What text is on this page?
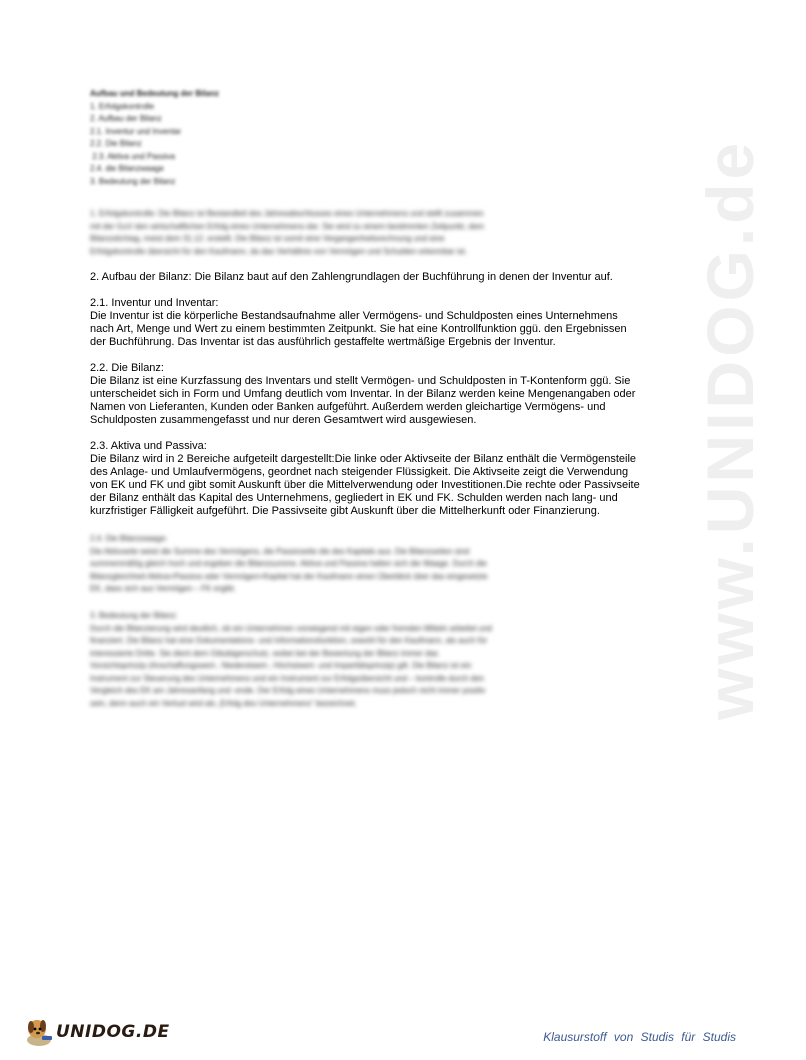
www.UNIDOG.de
Aufbau und Bedeutung der Bilanz
1. Erfolgskontrolle
2. Aufbau der Bilanz
2.1. Inventur und Inventar
2.2. Die Bilanz
2.3. Aktiva und Passiva
2.4. die Bilanzwaage
3. Bedeutung der Bilanz
1. Erfolgskontrolle: Die Bilanz ist Bestandteil des Jahresabschlusses eines Unternehmens und stellt zusammen
mit der GuV den wirtschaftlichen Erfolg eines Unternehmens dar. Sie wird zu einem bestimmten Zeitpunkt, dem
Bilanzstichtag, meist dem 31.12. erstellt. Die Bilanz ist somit eine Vergangenheitsrechnung und eine
Erfolgskontrolle übersicht für den Kaufmann, da das Verhältnis von Vermögen und Schulden erkennbar ist.

2. Aufbau der Bilanz: Die Bilanz baut auf den Zahlengrundlagen der Buchführung in denen der Inventur auf.

2.1. Inventur und Inventar:
Die Inventur ist die körperliche Bestandsaufnahme aller Vermögens- und Schuldposten eines Unternehmens
nach Art, Menge und Wert zu einem bestimmten Zeitpunkt. Sie hat eine Kontrollfunktion ggü. den Ergebnissen
der Buchführung. Das Inventar ist das ausführlich gestaffelte wertmäßige Ergebnis der Inventur.
2.2. Die Bilanz:
Die Bilanz ist eine Kurzfassung des Inventars und stellt Vermögen- und Schuldposten in T-Kontenform ggü. Sie
unterscheidet sich in Form und Umfang deutlich vom Inventar. In der Bilanz werden keine Mengenangaben oder
Namen von Lieferanten, Kunden oder Banken aufgeführt. Außerdem werden gleichartige Vermögens- und
Schuldposten zusammengefasst und nur deren Gesamtwert wird ausgewiesen.
2.3. Aktiva und Passiva:
Die Bilanz wird in 2 Bereiche aufgeteilt dargestellt:Die linke oder Aktivseite der Bilanz enthält die Vermögensteile
des Anlage- und Umlaufvermögens, geordnet nach steigender Flüssigkeit. Die Aktivseite zeigt die Verwendung
von EK und FK und gibt somit Auskunft über die Mittelverwendung oder Investitionen.Die rechte oder Passivseite
der Bilanz enthält das Kapital des Unternehmens, gegliedert in EK und FK. Schulden werden nach lang- und
kurzfristiger Fälligkeit aufgeführt. Die Passivseite gibt Auskunft über die Mittelherkunft oder Finanzierung.
2.4. Die Bilanzwaage:
Die Aktivseite weist die Summe des Vermögens, die Passivseite die des Kapitals aus. Die Bilanzseiten sind
summenmäßig gleich hoch und ergeben die Bilanzsumme. Aktiva und Passiva halten sich die Waage. Durch die
Bilanzgleichheit Aktiva=Passiva oder Vermögen=Kapital hat der Kaufmann einen Überblick über das eingesetzte
EK, dass sich aus Vermögen – FK ergibt.
3. Bedeutung der Bilanz:
Durch die Bilanzierung wird deutlich, ob ein Unternehmen vorwiegend mit eigen oder fremden Mitteln arbeitet und
finanziert. Die Bilanz hat eine Dokumentations- und Informationsfunktion, sowohl für den Kaufmann, als auch für
interessierte Dritte. Sie dient dem Gläubigerschutz, wobei bei der Bewertung der Bilanz immer das
Vorsichtsprinzip (Anschaffungswert-, Niederstwert-, Höchstwert- und Imparitätsprinzip) gilt. Die Bilanz ist ein
Instrument zur Steuerung des Unternehmens und ein Instrument zur Erfolgsübersicht und – kontrolle durch den
Vergleich des EK am Jahresanfang und -ende. Der Erfolg eines Unternehmens muss jedoch nicht immer positiv
sein, denn auch ein Verlust wird als „Erfolg des Unternehmens“ bezeichnet.
UNIDOG.DE	Klausurstoff von Studis für Studis
